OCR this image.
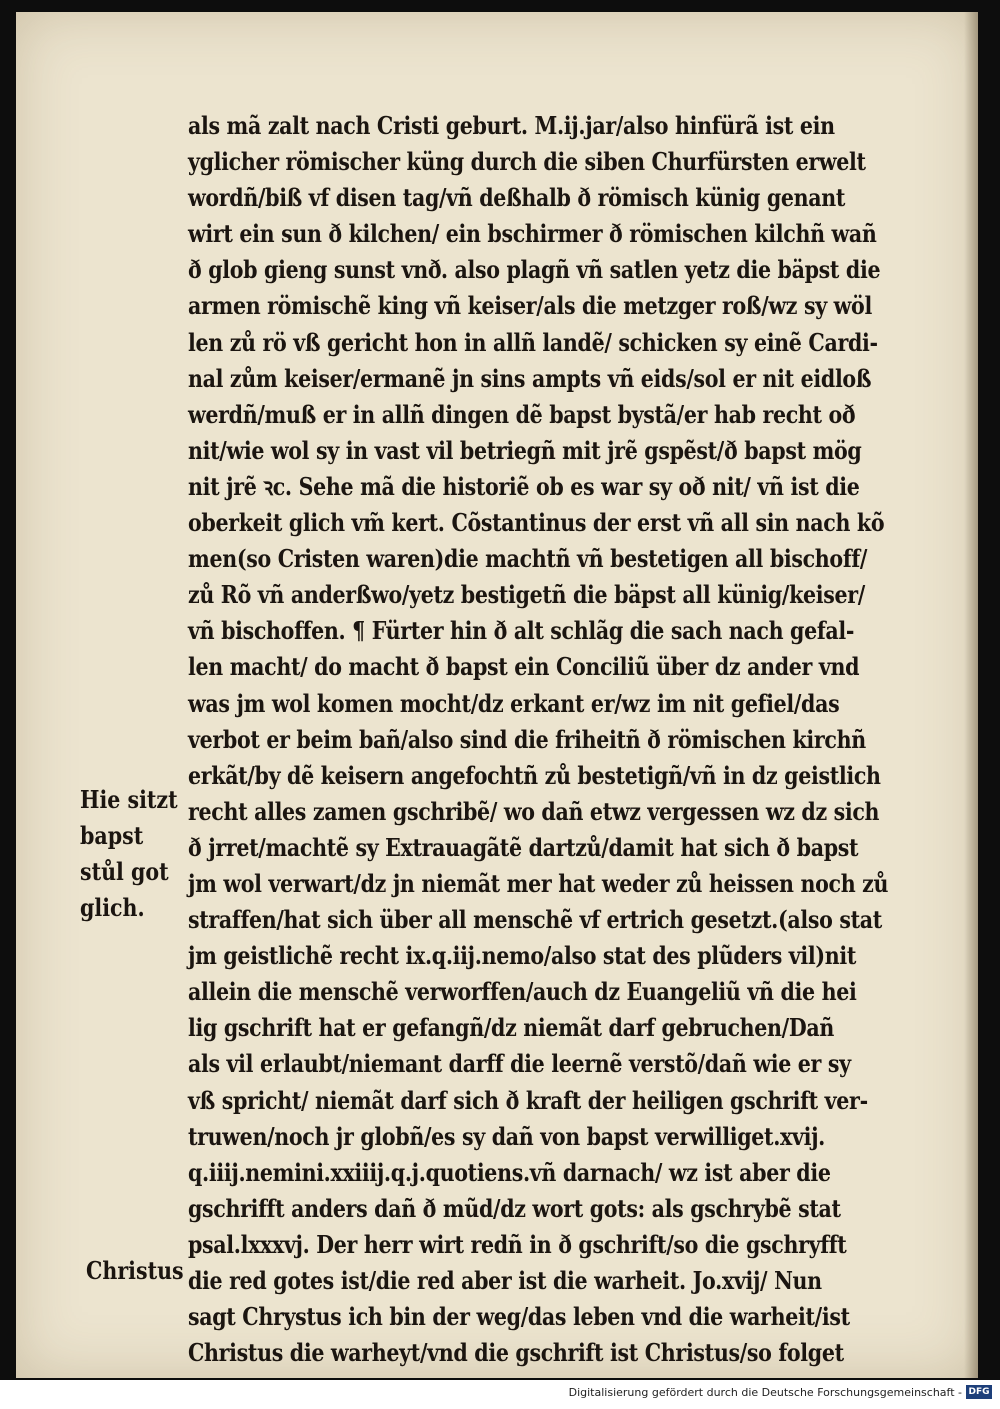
als mã zalt nach Cristi geburt. M.ij.jar/also hinfürã ist ein
yglicher römischer küng durch die siben Churfürsten erwelt
wordñ/biß vf disen tag/vñ deßhalb ð römisch künig genant
wirt ein sun ð kilchen/ ein bschirmer ð römischen kilchñ wañ
ð glob gieng sunst vnð. also plagñ vñ satlen yetz die bäpst die
armen römischẽ king vñ keiser/als die metzger roß/wz sy wöl
len zů rö vß gericht hon in allñ landẽ/ schicken sy einẽ Cardi-
nal zům keiser/ermanẽ jn sins ampts vñ eids/sol er nit eidloß
werdñ/muß er in allñ dingen dẽ bapst bystã/er hab recht oð
nit/wie wol sy in vast vil betriegñ mit jrẽ gspẽst/ð bapst mög
nit jrẽ ꝛc. Sehe mã die historiẽ ob es war sy oð nit/ vñ ist die
oberkeit glich vm̃ kert. Cõstantinus der erst vñ all sin nach kõ
men(so Cristen waren)die machtñ vñ bestetigen all bischoff/
zů Rõ vñ anderßwo/yetz bestigetñ die bäpst all künig/keiser/
vñ bischoffen. ¶ Fürter hin ð alt schlãg die sach nach gefal-
len macht/ do macht ð bapst ein Conciliũ über dz ander vnd
was jm wol komen mocht/dz erkant er/wz im nit gefiel/das
verbot er beim bañ/also sind die friheitñ ð römischen kirchñ
erkãt/by dẽ keisern angefochtñ zů bestetigñ/vñ in dz geistlich
recht alles zamen gschribẽ/ wo dañ etwz vergessen wz dz sich
ð jrret/machtẽ sy Extrauagãtẽ dartzů/damit hat sich ð bapst
jm wol verwart/dz jn niemãt mer hat weder zů heissen noch zů
straffen/hat sich über all menschẽ vf ertrich gesetzt.(also stat
jm geistlichẽ recht ix.q.iij.nemo/also stat des plũders vil)nit
allein die menschẽ verworffen/auch dz Euangeliũ vñ die hei
lig gschrift hat er gefangñ/dz niemãt darf gebruchen/Dañ
als vil erlaubt/niemant darff die leernẽ verstõ/dañ wie er sy
vß spricht/ niemãt darf sich ð kraft der heiligen gschrift ver-
truwen/noch jr globñ/es sy dañ von bapst verwilliget.xvij.
q.iiij.nemini.xxiiij.q.j.quotiens.vñ darnach/ wz ist aber die
gschrifft anders dañ ð mũd/dz wort gots: als gschrybẽ stat
psal.lxxxvj. Der herr wirt redñ in ð gschrift/so die gschryfft
die red gotes ist/die red aber ist die warheit. Jo.xvij/ Nun
sagt Chrystus ich bin der weg/das leben vnd die warheit/ist
Christus die warheyt/vnd die gschrift ist Christus/so folget
Hie sitzt
bapst
stůl got
glich.
Christus
Digitalisierung gefördert durch die Deutsche Forschungsgemeinschaft - DFG
